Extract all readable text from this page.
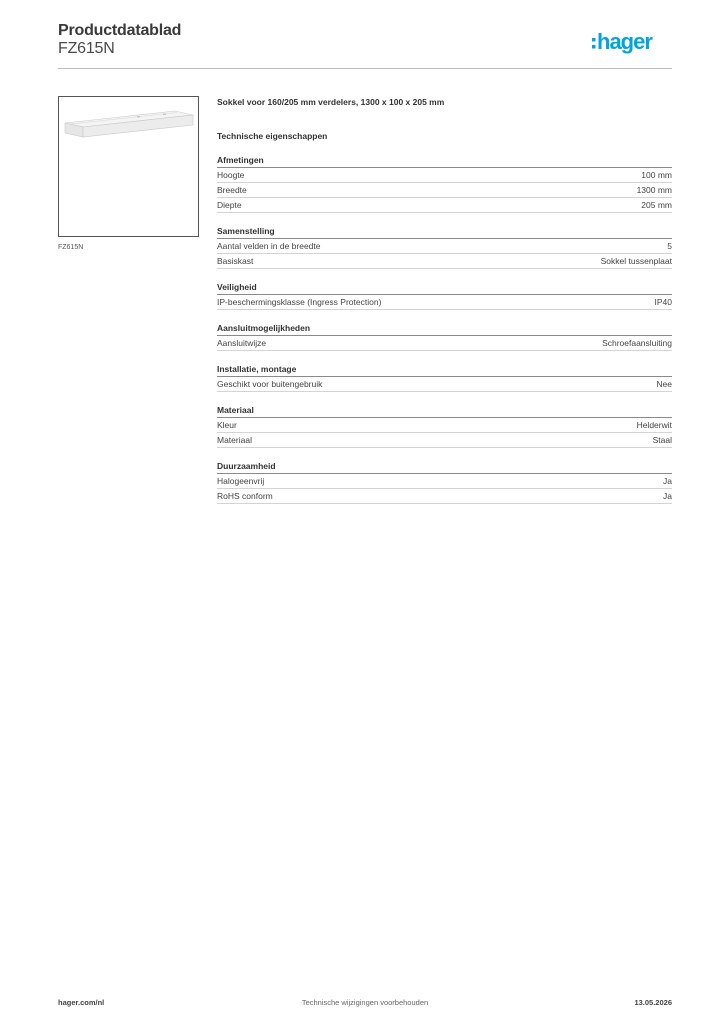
Productdatablad
FZ615N	hager
FZ615N
Sokkel voor 160/205 mm verdelers, 1300 x 100 x 205 mm
Technische eigenschappen
Afmetingen
Hoogte	100 mm
Breedte	1300 mm
Diepte	205 mm
Samenstelling
Aantal velden in de breedte	5
Basiskast	Sokkel tussenplaat
Veiligheid
IP-beschermingsklasse (Ingress Protection)	IP40
Aansluitmogelijkheden
Aansluitwijze	Schroefaansluiting
Installatie, montage
Geschikt voor buitengebruik	Nee
Materiaal
Kleur	Helderwit
Materiaal	Staal
Duurzaamheid
Halogeenvrij	Ja
RoHS conform	Ja
Technische wijzigingen voorbehouden
hager.com/nl	13.05.2026
